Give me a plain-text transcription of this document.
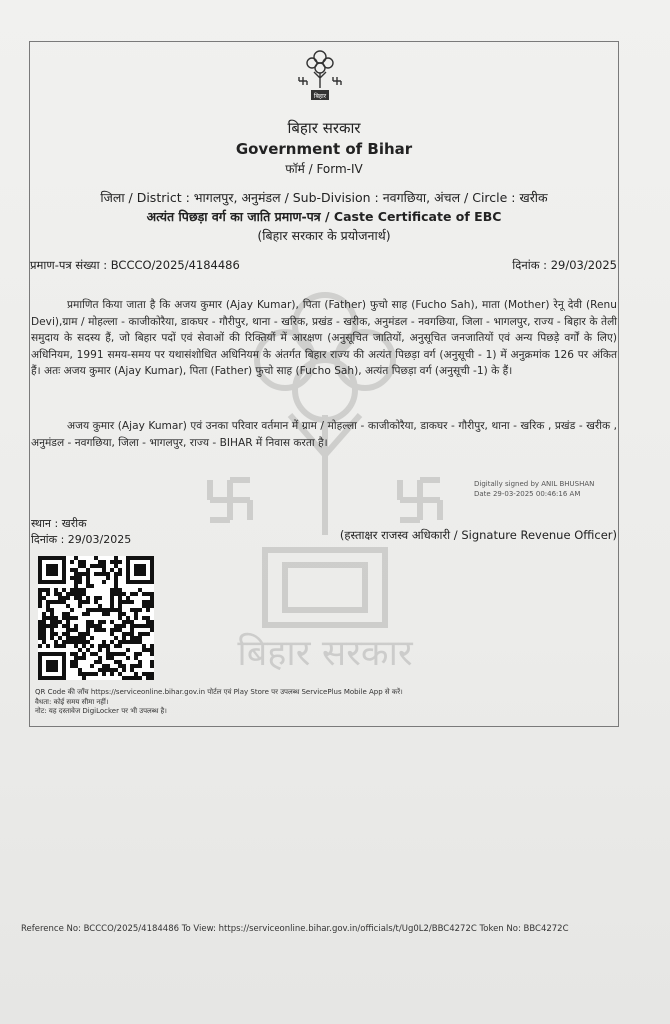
बिहार सरकार
बिहार
बिहार सरकार
Government of Bihar
फॉर्म / Form-IV
जिला / District : भागलपुर, अनुमंडल / Sub-Division : नवगछिया, अंचल / Circle : खरीक
अत्यंत पिछड़ा वर्ग का जाति प्रमाण-पत्र / Caste Certificate of EBC
(बिहार सरकार के प्रयोजनार्थ)
प्रमाण-पत्र संख्या : BCCCO/2025/4184486	दिनांक : 29/03/2025
प्रमाणित किया जाता है कि अजय कुमार (Ajay Kumar), पिता (Father) फुचो साह (Fucho Sah), माता (Mother) रेनू देवी (Renu Devi),ग्राम / मोहल्ला - काजीकोरैया, डाकघर - गौरीपुर, थाना - खरिक, प्रखंड - खरीक, अनुमंडल - नवगछिया, जिला - भागलपुर, राज्य - बिहार के तेली समुदाय के सदस्य हैं, जो बिहार पदों एवं सेवाओं की रिक्तियों में आरक्षण (अनुसूचित जातियों, अनुसूचित जनजातियों एवं अन्य पिछड़े वर्गों के लिए) अधिनियम, 1991 समय-समय पर यथासंशोधित अधिनियम के अंतर्गत बिहार राज्य की अत्यंत पिछड़ा वर्ग (अनुसूची - 1) में अनुक्रमांक 126 पर अंकित हैं। अतः अजय कुमार (Ajay Kumar), पिता (Father) फुचो साह (Fucho Sah), अत्यंत पिछड़ा वर्ग (अनुसूची -1) के हैं।
अजय कुमार (Ajay Kumar) एवं उनका परिवार वर्तमान में ग्राम / मोहल्ला - काजीकोरैया, डाकघर - गौरीपुर, थाना - खरिक , प्रखंड - खरीक , अनुमंडल - नवगछिया, जिला - भागलपुर, राज्य - BIHAR में निवास करता है।
Digitally signed by ANIL BHUSHAN
Date 29-03-2025 00:46:16 AM
स्थान : खरीक
दिनांक : 29/03/2025	(हस्ताक्षर राजस्व अधिकारी / Signature Revenue Officer)
QR Code की जाँच https://serviceonline.bihar.gov.in पोर्टल एवं Play Store पर उपलब्ध ServicePlus Mobile App से करें।
वैधता: कोई समय सीमा नहीं।
नोट: यह दस्तावेज DigiLocker पर भी उपलब्ध है।
Reference No: BCCCO/2025/4184486 To View: https://serviceonline.bihar.gov.in/officials/t/Ug0L2/BBC4272C Token No: BBC4272C
